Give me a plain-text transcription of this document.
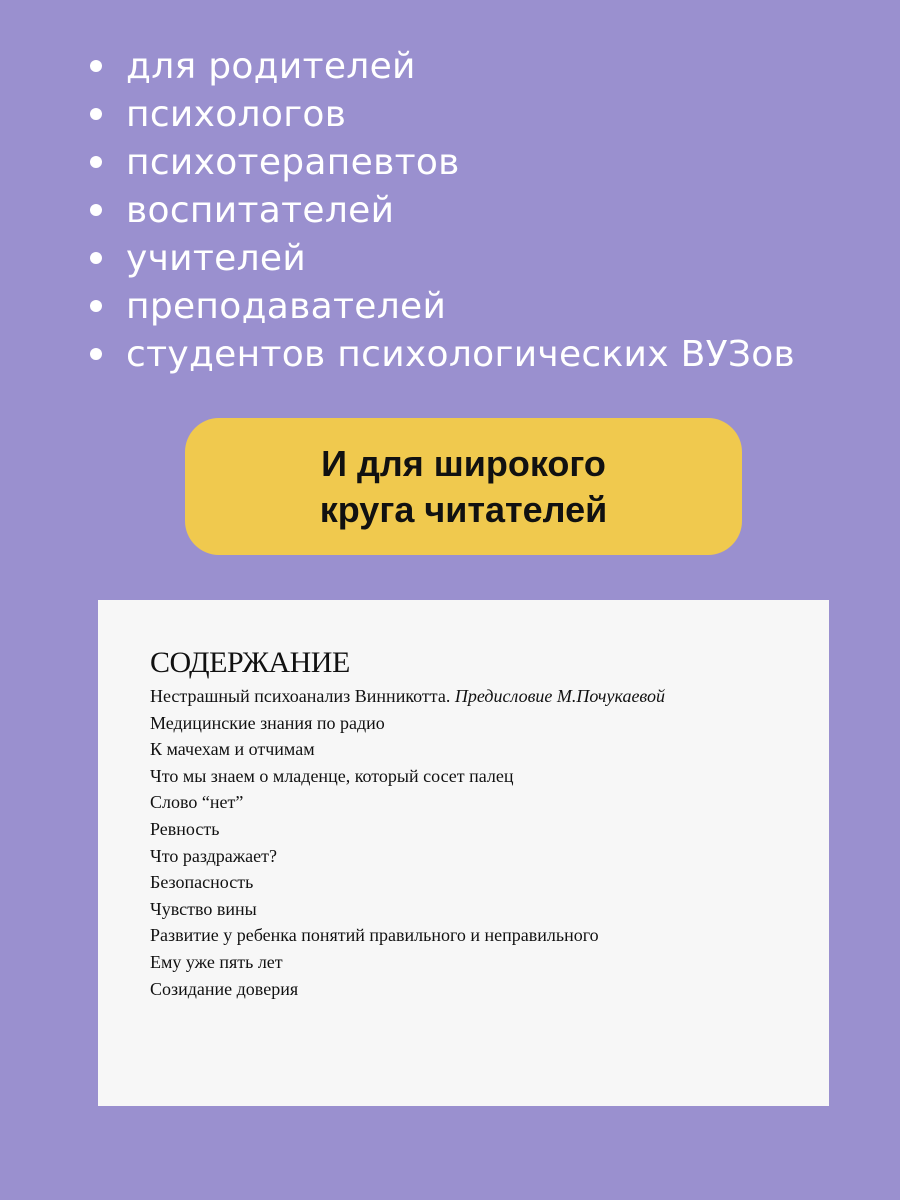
для родителей
психологов
психотерапевтов
воспитателей
учителей
преподавателей
студентов психологических ВУЗов
И для широкого
круга читателей
СОДЕРЖАНИЕ
Нестрашный психоанализ Винникотта. Предисловие М.Почукаевой
Медицинские знания по радио
К мачехам и отчимам
Что мы знаем о младенце, который сосет палец
Слово “нет”
Ревность
Что раздражает?
Безопасность
Чувство вины
Развитие у ребенка понятий правильного и неправильного
Ему уже пять лет
Созидание доверия
